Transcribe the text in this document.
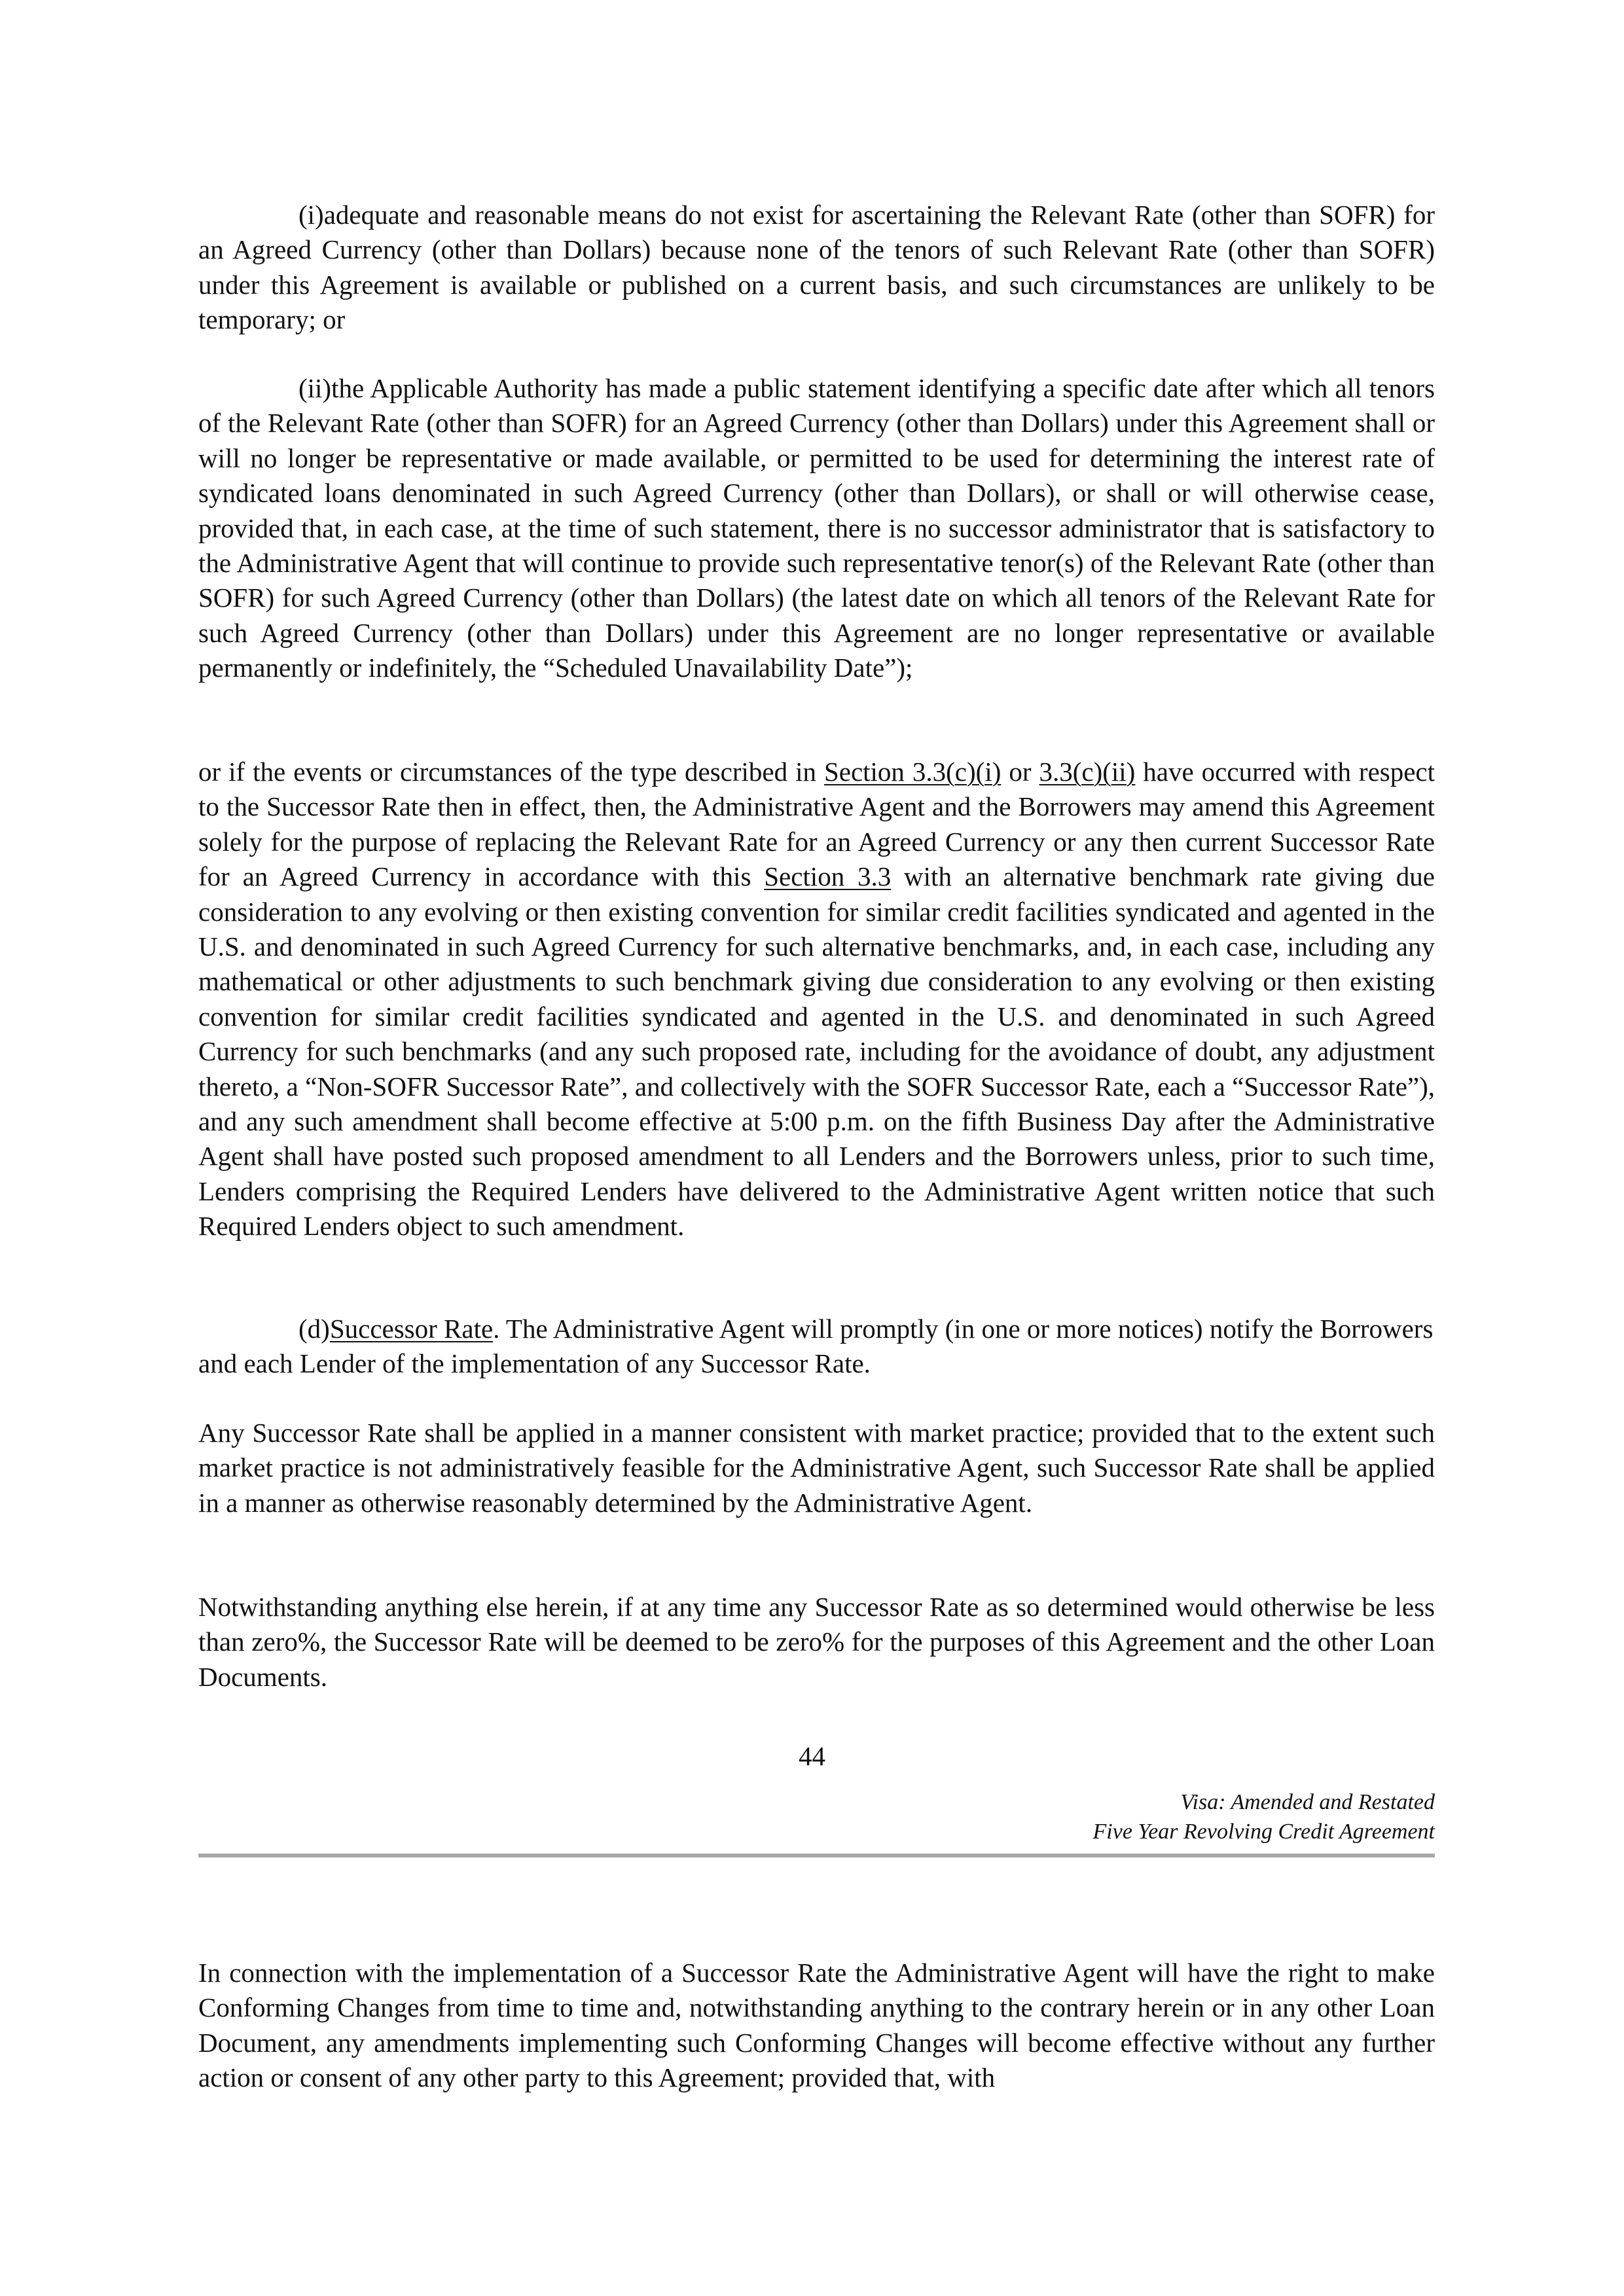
(i)adequate and reasonable means do not exist for ascertaining the Relevant Rate (other than SOFR) for an Agreed Currency (other than Dollars) because none of the tenors of such Relevant Rate (other than SOFR) under this Agreement is available or published on a current basis, and such circumstances are unlikely to be temporary; or

(ii)the Applicable Authority has made a public statement identifying a specific date after which all tenors of the Relevant Rate (other than SOFR) for an Agreed Currency (other than Dollars) under this Agreement shall or will no longer be representative or made available, or permitted to be used for determining the interest rate of syndicated loans denominated in such Agreed Currency (other than Dollars), or shall or will otherwise cease, provided that, in each case, at the time of such statement, there is no successor administrator that is satisfactory to the Administrative Agent that will continue to provide such representative tenor(s) of the Relevant Rate (other than SOFR) for such Agreed Currency (other than Dollars) (the latest date on which all tenors of the Relevant Rate for such Agreed Currency (other than Dollars) under this Agreement are no longer representative or available permanently or indefinitely, the “Scheduled Unavailability Date”);

or if the events or circumstances of the type described in Section 3.3(c)(i) or 3.3(c)(ii) have occurred with respect to the Successor Rate then in effect, then, the Administrative Agent and the Borrowers may amend this Agreement solely for the purpose of replacing the Relevant Rate for an Agreed Currency or any then current Successor Rate for an Agreed Currency in accordance with this Section 3.3 with an alternative benchmark rate giving due consideration to any evolving or then existing convention for similar credit facilities syndicated and agented in the U.S. and denominated in such Agreed Currency for such alternative benchmarks, and, in each case, including any mathematical or other adjustments to such benchmark giving due consideration to any evolving or then existing convention for similar credit facilities syndicated and agented in the U.S. and denominated in such Agreed Currency for such benchmarks (and any such proposed rate, including for the avoidance of doubt, any adjustment thereto, a “Non-SOFR Successor Rate”, and collectively with the SOFR Successor Rate, each a “Successor Rate”), and any such amendment shall become effective at 5:00 p.m. on the fifth Business Day after the Administrative Agent shall have posted such proposed amendment to all Lenders and the Borrowers unless, prior to such time, Lenders comprising the Required Lenders have delivered to the Administrative Agent written notice that such Required Lenders object to such amendment.

(d)Successor Rate. The Administrative Agent will promptly (in one or more notices) notify the Borrowers and each Lender of the implementation of any Successor Rate.

Any Successor Rate shall be applied in a manner consistent with market practice; provided that to the extent such market practice is not administratively feasible for the Administrative Agent, such Successor Rate shall be applied in a manner as otherwise reasonably determined by the Administrative Agent.

Notwithstanding anything else herein, if at any time any Successor Rate as so determined would otherwise be less than zero%, the Successor Rate will be deemed to be zero% for the purposes of this Agreement and the other Loan Documents.

44

Visa: Amended and Restated
Five Year Revolving Credit Agreement

In connection with the implementation of a Successor Rate the Administrative Agent will have the right to make Conforming Changes from time to time and, notwithstanding anything to the contrary herein or in any other Loan Document, any amendments implementing such Conforming Changes will become effective without any further action or consent of any other party to this Agreement; provided that, with
